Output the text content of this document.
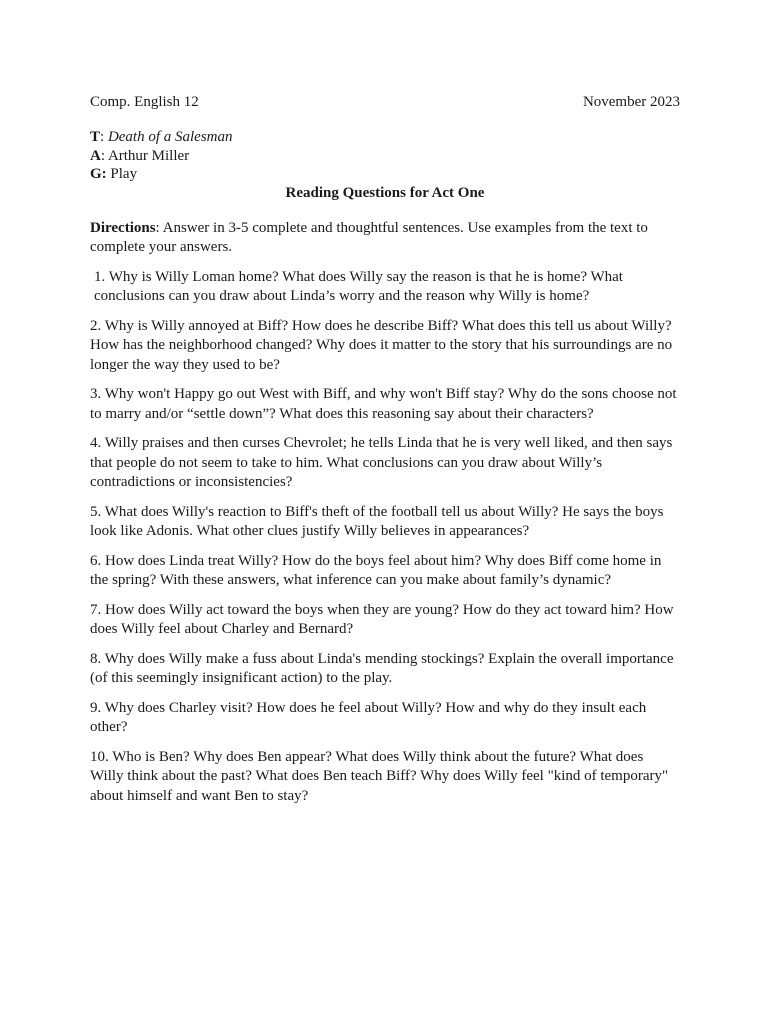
Comp. English 12	November 2023
T: Death of a Salesman
A: Arthur Miller
G: Play
Reading Questions for Act One
Directions: Answer in 3-5 complete and thoughtful sentences. Use examples from the text to complete your answers.
1. Why is Willy Loman home? What does Willy say the reason is that he is home? What conclusions can you draw about Linda’s worry and the reason why Willy is home?
2. Why is Willy annoyed at Biff? How does he describe Biff? What does this tell us about Willy? How has the neighborhood changed? Why does it matter to the story that his surroundings are no longer the way they used to be?
3. Why won't Happy go out West with Biff, and why won't Biff stay? Why do the sons choose not to marry and/or “settle down”? What does this reasoning say about their characters?
4. Willy praises and then curses Chevrolet; he tells Linda that he is very well liked, and then says that people do not seem to take to him. What conclusions can you draw about Willy’s contradictions or inconsistencies?
5. What does Willy's reaction to Biff's theft of the football tell us about Willy? He says the boys look like Adonis. What other clues justify Willy believes in appearances?
6. How does Linda treat Willy? How do the boys feel about him? Why does Biff come home in the spring? With these answers, what inference can you make about family’s dynamic?
7. How does Willy act toward the boys when they are young? How do they act toward him? How does Willy feel about Charley and Bernard?
8. Why does Willy make a fuss about Linda's mending stockings? Explain the overall importance (of this seemingly insignificant action) to the play.
9. Why does Charley visit? How does he feel about Willy? How and why do they insult each other?
10. Who is Ben? Why does Ben appear? What does Willy think about the future? What does Willy think about the past? What does Ben teach Biff? Why does Willy feel "kind of temporary" about himself and want Ben to stay?
